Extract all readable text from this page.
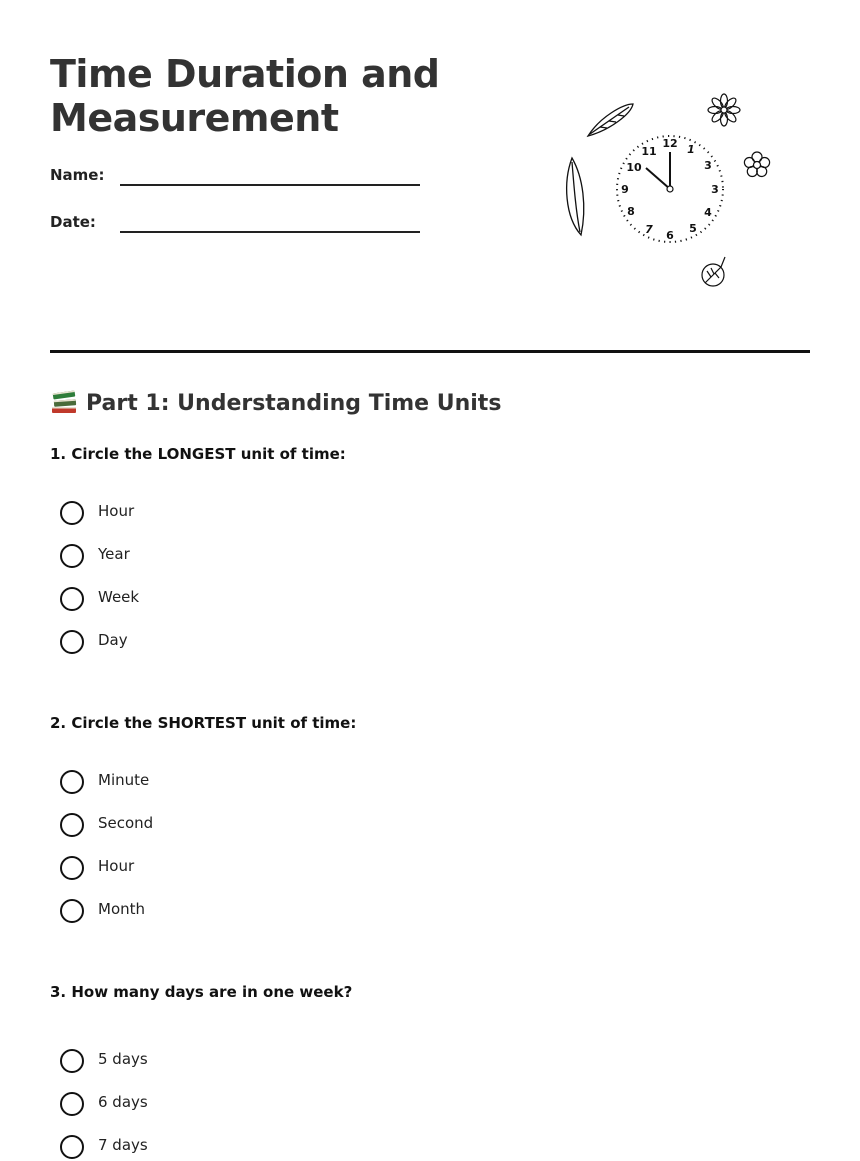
Time Duration and Measurement
Name:
Date:
12 1
3
3
4
5
6
7
8
9
10
11
Part 1: Understanding Time Units

1. Circle the LONGEST unit of time:

Hour
Year
Week
Day

2. Circle the SHORTEST unit of time:

Minute
Second
Hour
Month

3. How many days are in one week?

5 days
6 days
7 days
